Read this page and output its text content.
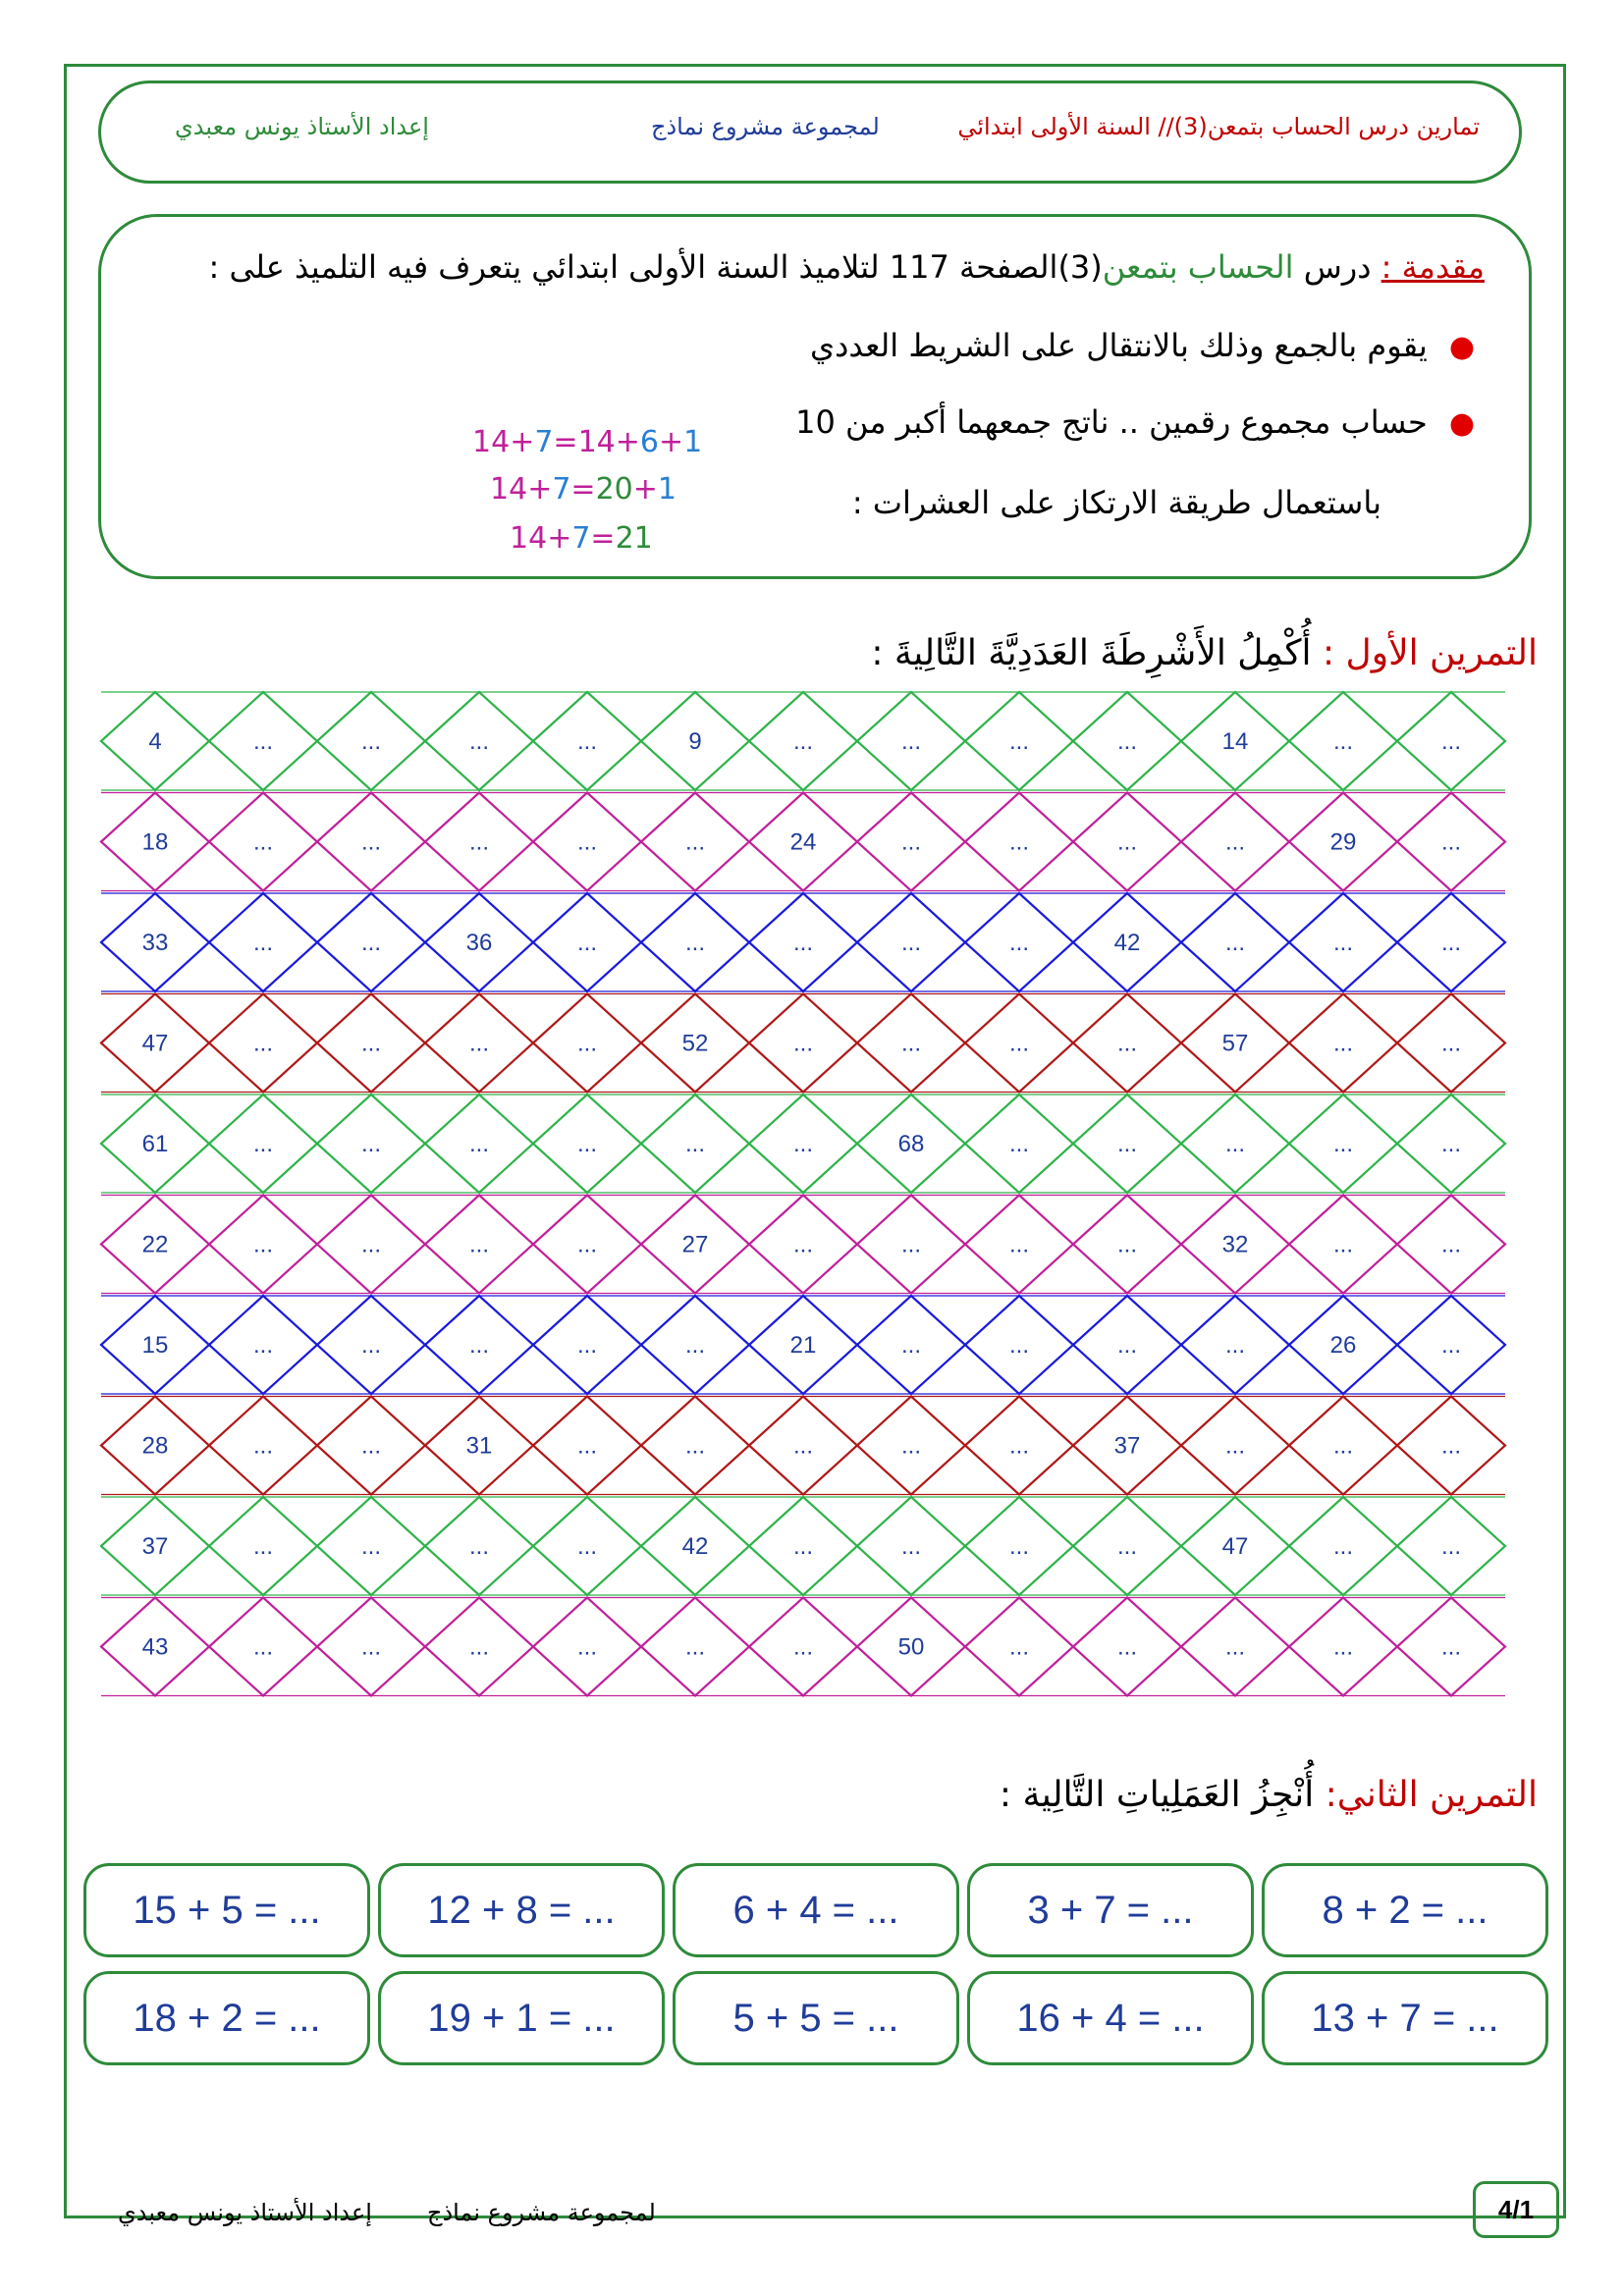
تمارين درس الحساب بتمعن(3)// السنة الأولى ابتدائي
لمجموعة مشروع نماذج
إعداد الأستاذ يونس معبدي
مقدمة : درس الحساب بتمعن(3)الصفحة 117 لتلاميذ السنة الأولى ابتدائي يتعرف فيه التلميذ على :
●يقوم بالجمع وذلك بالانتقال على الشريط العددي
●حساب مجموع رقمين .. ناتج جمعهما أكبر من 10
باستعمال طريقة الارتكاز على العشرات :
14+7=14+6+1
14+7=20+1
14+7=21
التمرين الأول : أُكْمِلُ الأَشْرِطَةَ العَدَدِيَّةَ التَّالِيةَ :
4	...	...	...	...	9	...	...	...	...	14	...	...
18	...	...	...	...	...	24	...	...	...	...	29	...
33	...	...	36	...	...	...	...	...	42	...	...	...
47	...	...	...	...	52	...	...	...	...	57	...	...
61	...	...	...	...	...	...	68	...	...	...	...	...
22	...	...	...	...	27	...	...	...	...	32	...	...
15	...	...	...	...	...	21	...	...	...	...	26	...
28	...	...	31	...	...	...	...	...	37	...	...	...
37	...	...	...	...	42	...	...	...	...	47	...	...
43	...	...	...	...	...	...	50	...	...	...	...	...
التمرين الثاني: أُنْجِزُ العَمَلِياتِ التَّالِية :
8 + 2 = ...
3 + 7 = ...
6 + 4 = ...
12 + 8 = ...
15 + 5 = ...
13 + 7 = ...
16 + 4 = ...
5 + 5 = ...
19 + 1 = ...
18 + 2 = ...
لمجموعة مشروع نماذج
إعداد الأستاذ يونس معبدي	4/1
